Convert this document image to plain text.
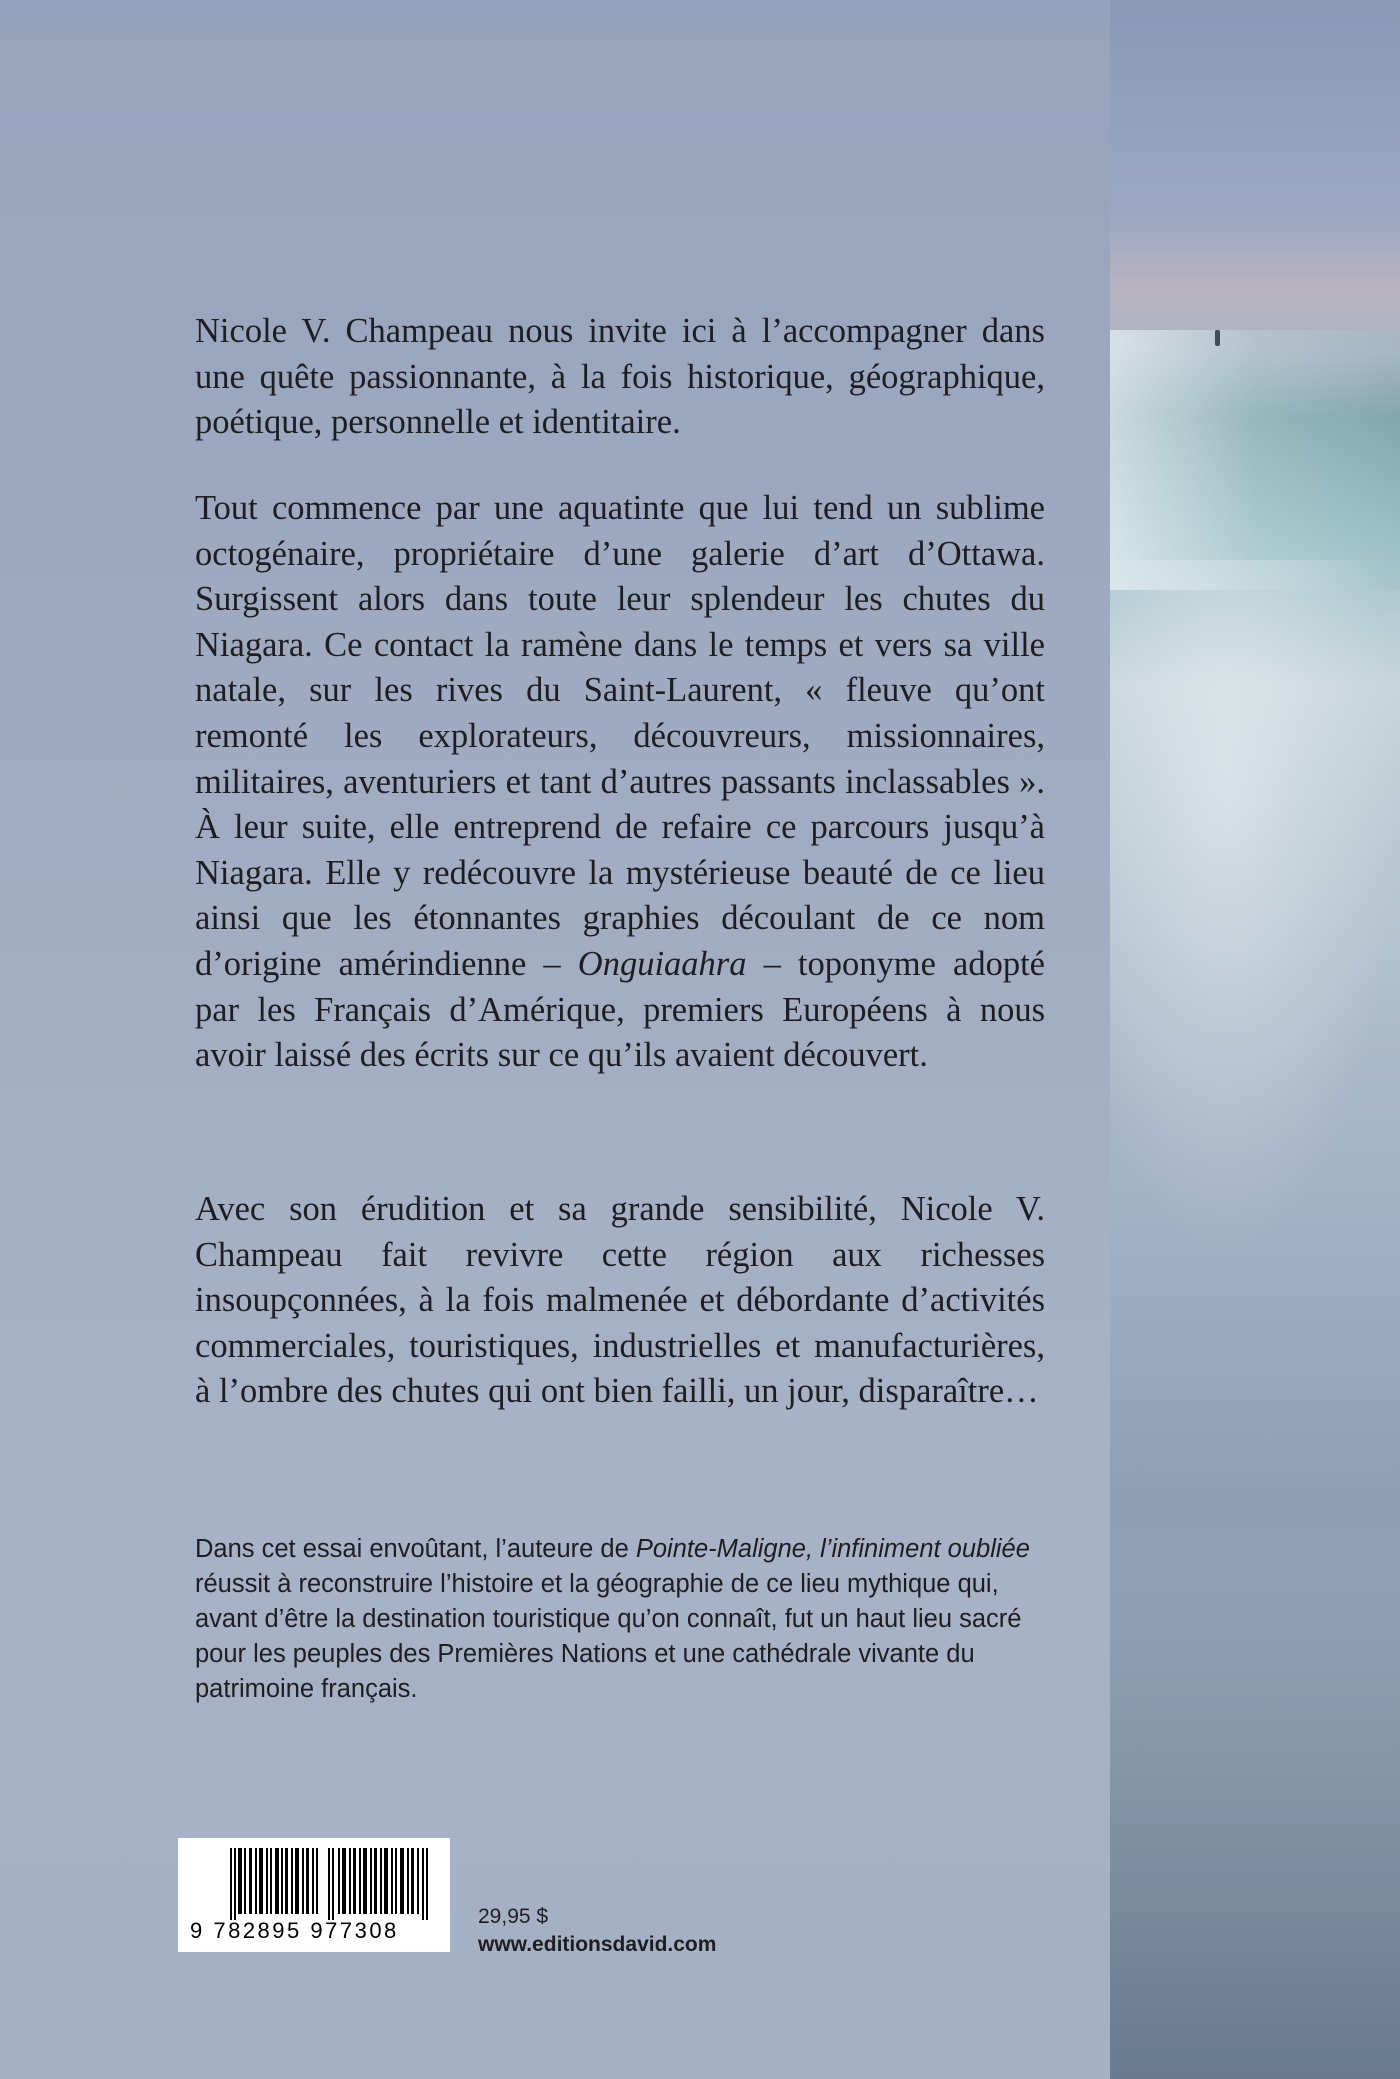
Nicole V. Champeau nous invite ici à l’accompagner dans une quête passionnante, à la fois historique, géographique, poétique, personnelle et identitaire.
Tout commence par une aquatinte que lui tend un sublime octogénaire, propriétaire d’une galerie d’art d’Ottawa. Surgissent alors dans toute leur splendeur les chutes du Niagara. Ce contact la ramène dans le temps et vers sa ville natale, sur les rives du Saint-Laurent, « fleuve qu’ont remonté les explorateurs, découvreurs, missionnaires, militaires, aventuriers et tant d’autres passants inclassables ». À leur suite, elle entreprend de refaire ce parcours jusqu’à Niagara. Elle y redécouvre la mystérieuse beauté de ce lieu ainsi que les étonnantes graphies découlant de ce nom d’origine amérindienne – Onguiaahra – toponyme adopté par les Français d’Amérique, premiers Européens à nous avoir laissé des écrits sur ce qu’ils avaient découvert.
Avec son érudition et sa grande sensibilité, Nicole V. Champeau fait revivre cette région aux richesses insoupçonnées, à la fois malmenée et débordante d’activités commerciales, touristiques, industrielles et manufacturières, à l’ombre des chutes qui ont bien failli, un jour, disparaître…
Dans cet essai envoûtant, l’auteure de Pointe-Maligne, l’infiniment oubliée réussit à reconstruire l’histoire et la géographie de ce lieu mythique qui, avant d’être la destination touristique qu’on connaît, fut un haut lieu sacré pour les peuples des Premières Nations et une cathédrale vivante du patrimoine français.
9 782895 977308
29,95 $
www.editionsdavid.com
